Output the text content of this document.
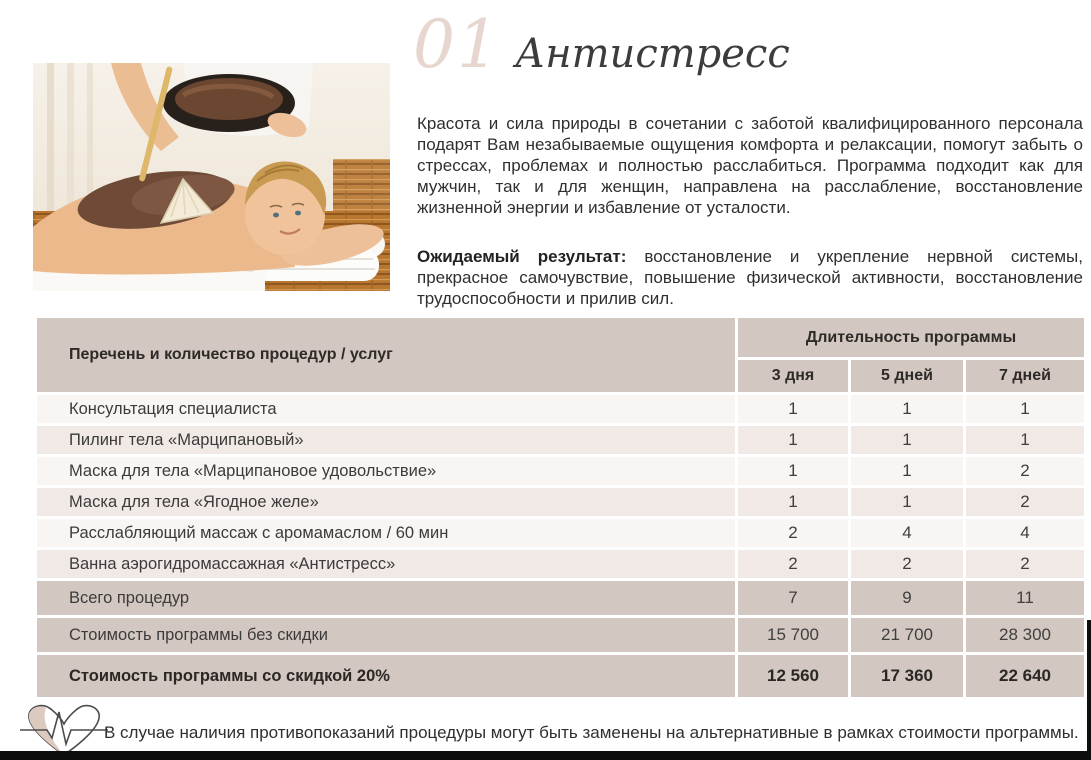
01 Антистресс

Красота и сила природы в сочетании с заботой квалифицированного персонала подарят Вам незабываемые ощущения комфорта и релаксации, помогут забыть о стрессах, проблемах и полностью расслабиться. Программа подходит как для мужчин, так и для женщин, направлена на расслабление, восстановление жизненной энергии и избавление от усталости.

Ожидаемый результат: восстановление и укрепление нервной системы, прекрасное самочувствие, повышение физической активности, восстановление трудоспособности и прилив сил.

Перечень и количество процедур / услуг
Длительность программы
3 дня	5 дней	7 дней
Консультация специалиста	1	1	1
Пилинг тела «Марципановый»	1	1	1
Маска для тела «Марципановое удовольствие»	1	1	2
Маска для тела «Ягодное желе»	1	1	2
Расслабляющий массаж с аромамаслом / 60 мин	2	4	4
Ванна аэрогидромассажная «Антистресс»	2	2	2
Всего процедур	7	9	11
Стоимость программы без скидки	15 700	21 700	28 300
Стоимость программы со скидкой 20%	12 560	17 360	22 640
В случае наличия противопоказаний процедуры могут быть заменены на альтернативные в рамках стоимости программы.
